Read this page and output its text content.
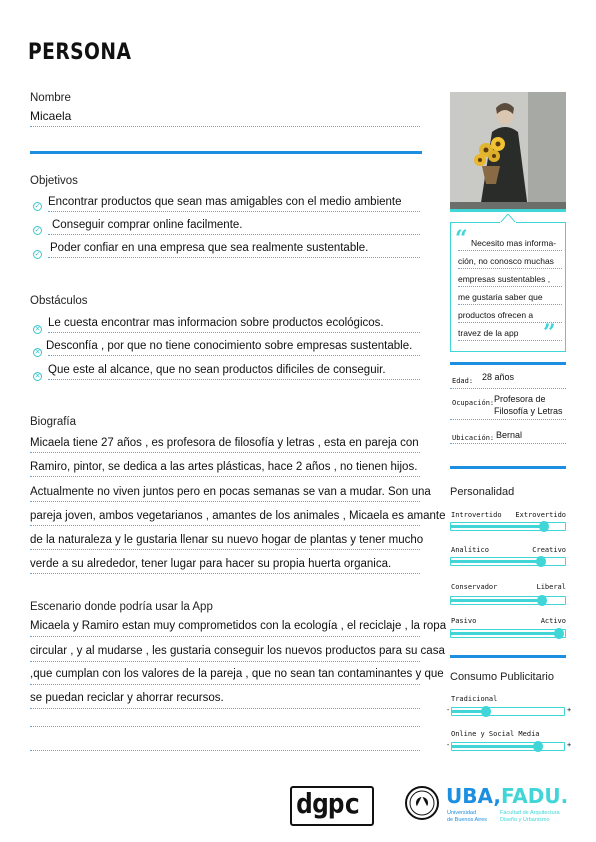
PERSONA
Nombre
Micaela
Objetivos
✓ Encontrar productos que sean mas amigables con el medio ambiente
✓ Conseguir comprar online facilmente.
✓
Poder confiar en una empresa que sea realmente sustentable.
Obstáculos
✕
Le cuesta encontrar mas informacion sobre productos ecológicos.
✕
Desconfía , por que no tiene conocimiento sobre empresas sustentable.
✕
Que este al alcance, que no sean productos dificiles de conseguir.
Biografía
Micaela tiene 27 años , es profesora de filosofía y letras , esta en pareja con
Ramiro, pintor, se dedica a las artes plásticas, hace 2 años , no tienen hijos.
Actualmente no viven juntos pero en pocas semanas se van a mudar. Son una
pareja joven, ambos vegetarianos , amantes de los animales , Micaela es amante
de la naturaleza y le gustaria llenar su nuevo hogar de plantas y tener mucho
verde a su alrededor, tener lugar para hacer su propia huerta organica.
Escenario donde podría usar la App
Micaela y Ramiro estan muy comprometidos con la ecología , el reciclaje , la ropa
circular , y al mudarse , les gustaria conseguir los nuevos productos para su casa
,que cumplan con los valores de la pareja , que no sean tan contaminantes y que
se puedan reciclar y ahorrar recursos.
“
”
Necesito mas informa-
ción, no conosco muchas
empresas sustentables ,
me gustaria saber que
productos ofrecen a
travez de la app
Edad: 28 años
Ocupación: Profesora de
Filosofía y Letras
Ubicación: Bernal
Personalidad
Introvertido Extrovertido
Analítico	Creativo
Conservador	Liberal
Pasivo	Activo
Consumo Publicitario
Tradicional
-	+
Online y Social Media
-	+
dgpc	UBA,FADU.
Universidad
de Buenos Aires
Facultad de Arquitectura
Diseño y Urbanismo
